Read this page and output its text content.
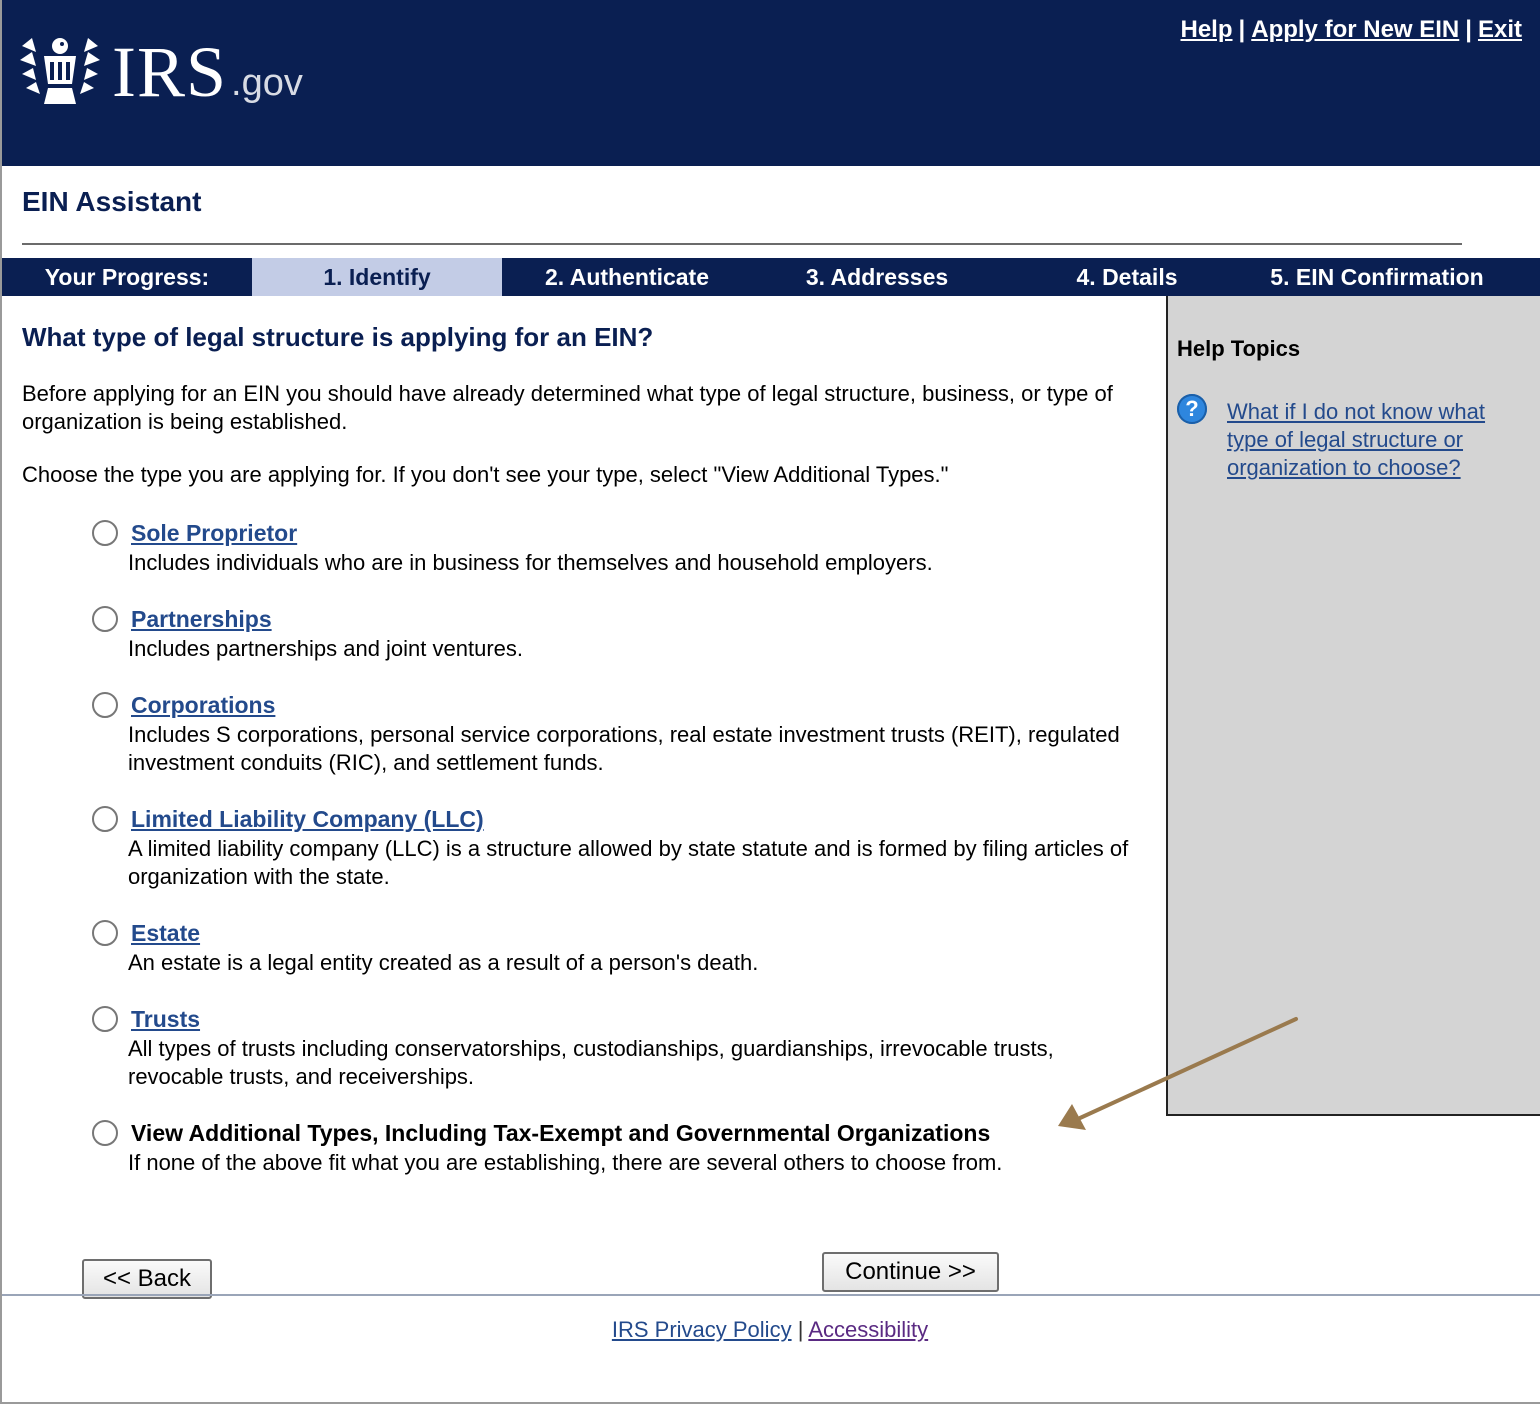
IRS .gov
Help | Apply for New EIN | Exit
EIN Assistant
Your Progress:	1. Identify	2. Authenticate	3. Addresses	4. Details	5. EIN Confirmation
What type of legal structure is applying for an EIN?
Before applying for an EIN you should have already determined what type of legal structure, business, or type of organization is being established.
Choose the type you are applying for. If you don't see your type, select "View Additional Types."
Sole Proprietor
Includes individuals who are in business for themselves and household employers.
Partnerships
Includes partnerships and joint ventures.
Corporations
Includes S corporations, personal service corporations, real estate investment trusts (REIT), regulated investment conduits (RIC), and settlement funds.
Limited Liability Company (LLC)
A limited liability company (LLC) is a structure allowed by state statute and is formed by filing articles of organization with the state.
Estate
An estate is a legal entity created as a result of a person's death.
Trusts
All types of trusts including conservatorships, custodianships, guardianships, irrevocable trusts, revocable trusts, and receiverships.
View Additional Types, Including Tax-Exempt and Governmental Organizations
If none of the above fit what you are establishing, there are several others to choose from.
Help Topics
?	What if I do not know what type of legal structure or organization to choose?
<< Back	Continue >>
IRS Privacy Policy | Accessibility
